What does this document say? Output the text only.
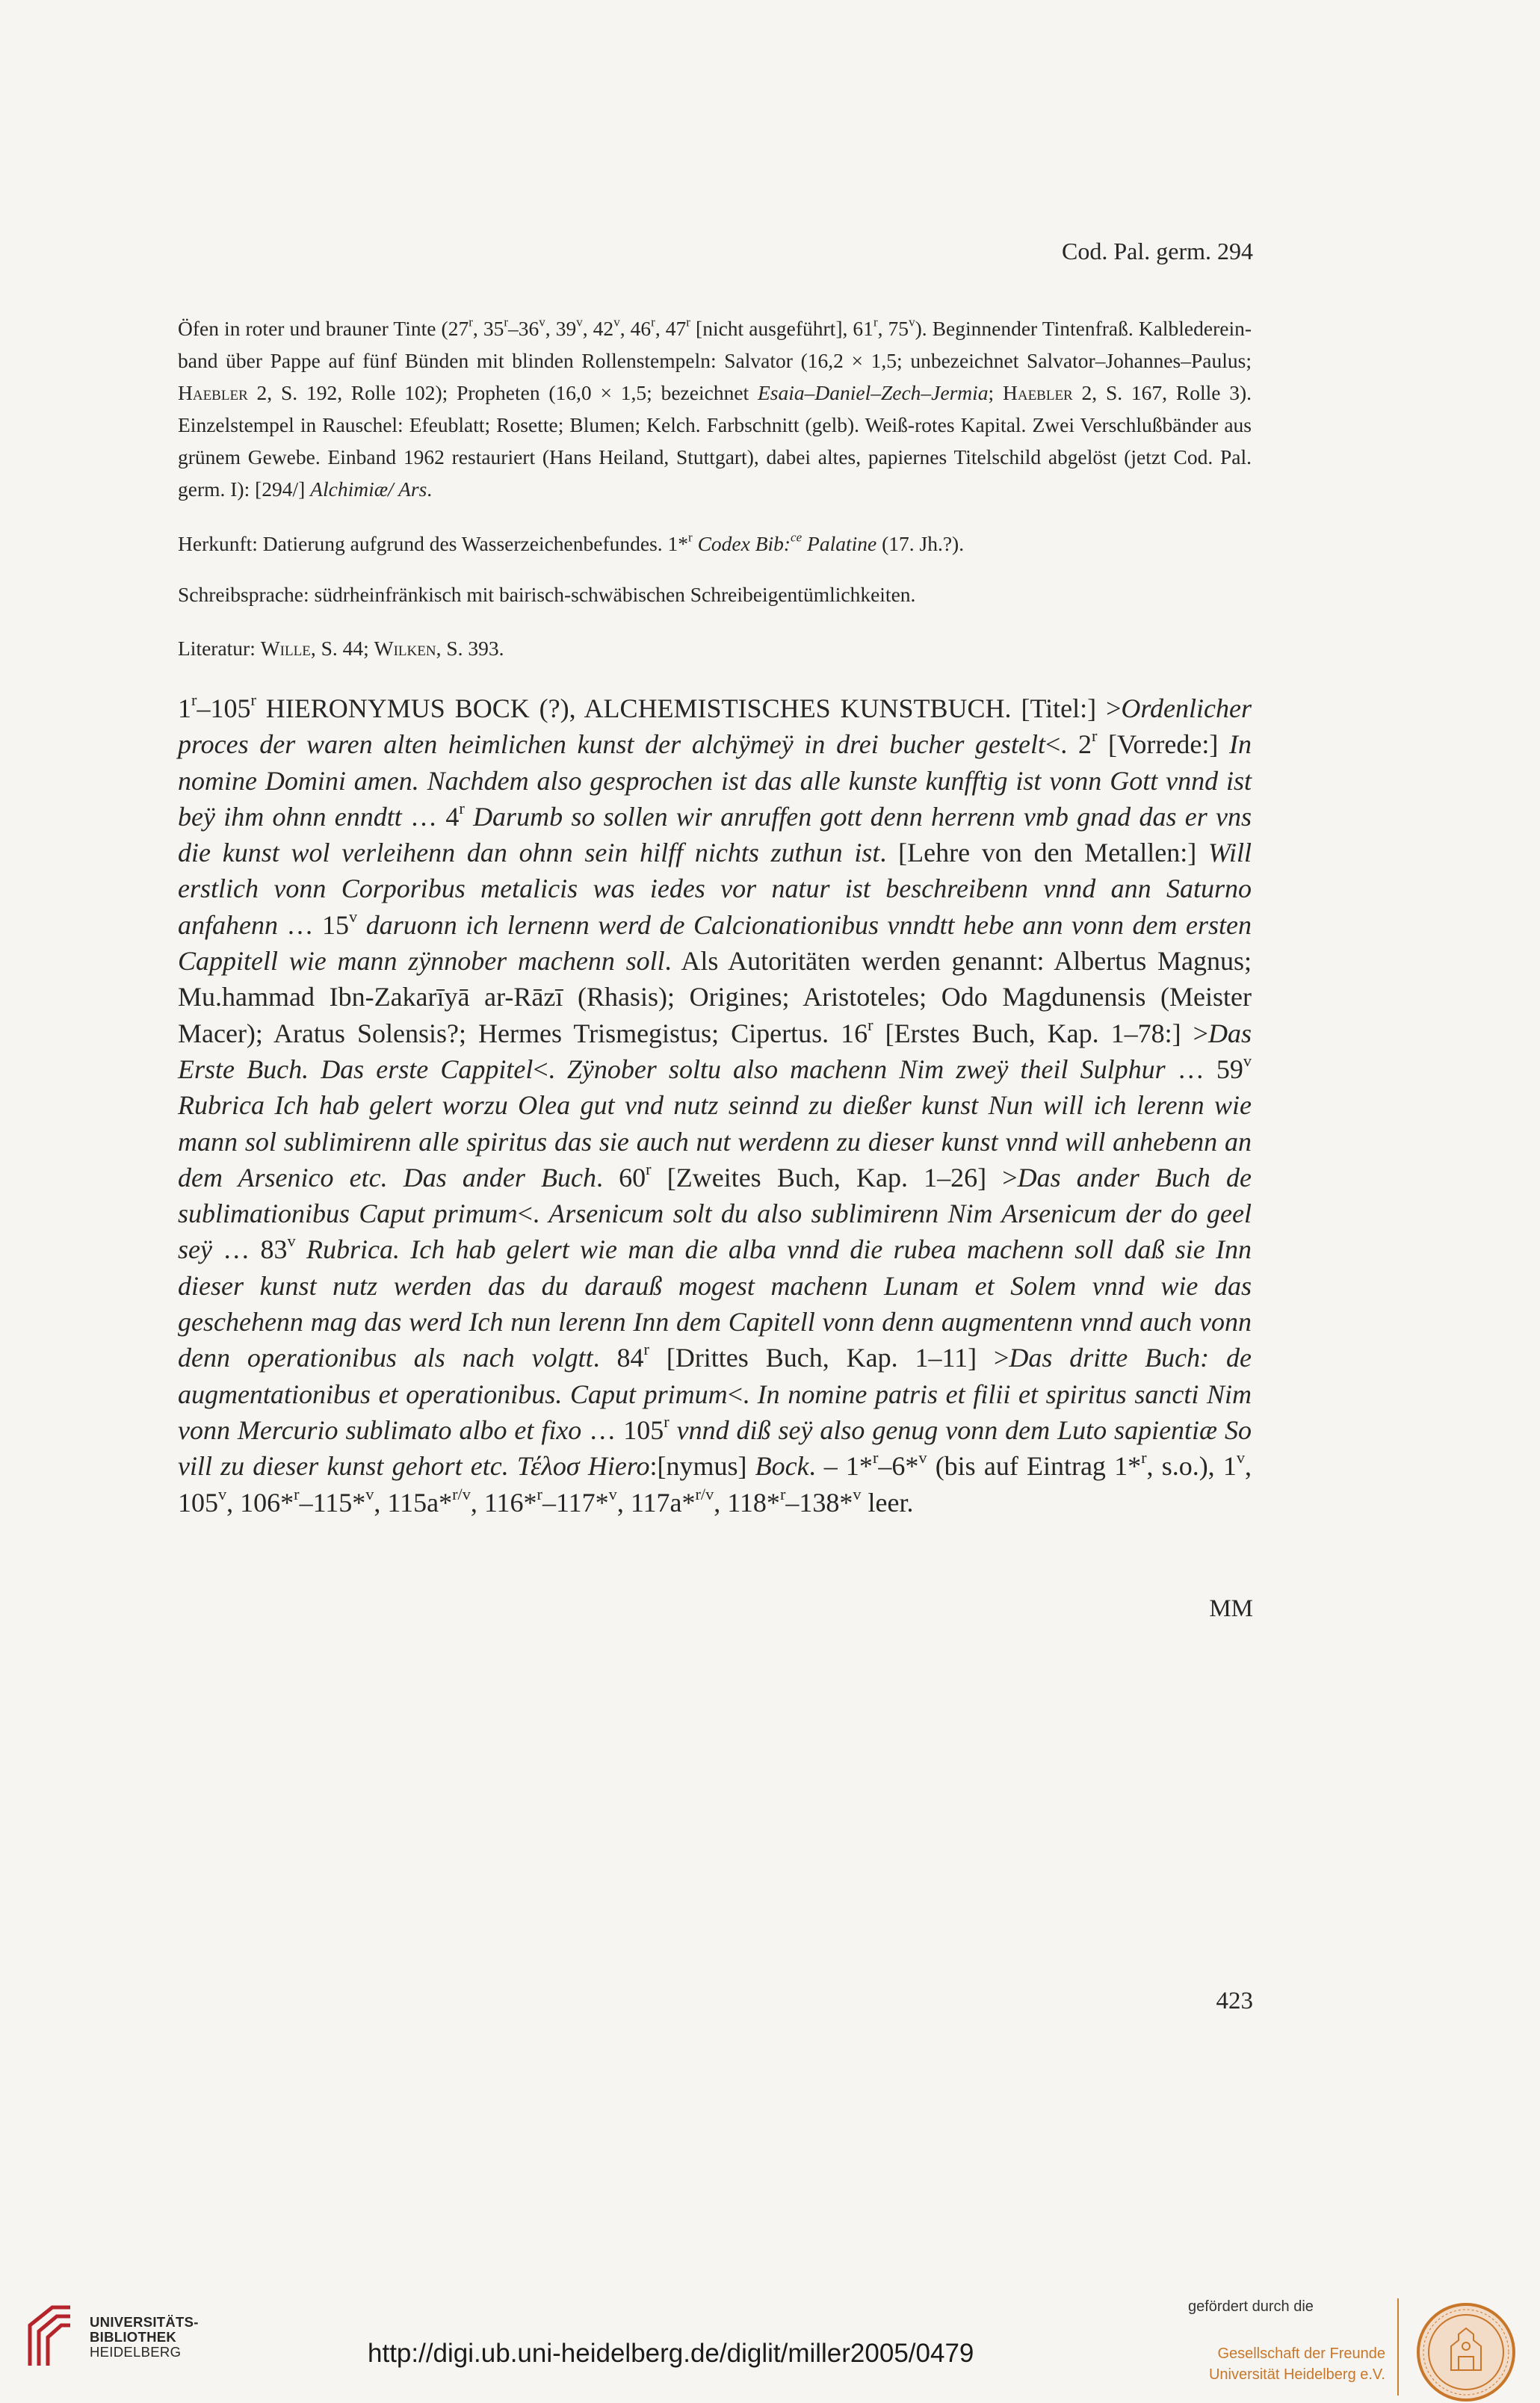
Cod. Pal. germ. 294
Öfen in roter und brauner Tinte (27$^r$, 35$^r$–36$^v$, 39$^v$, 42$^v$, 46$^r$, 47$^r$ [nicht ausgeführt], 61$^r$, 75$^v$). Beginnender Tintenfraß. Kalbledereinband über Pappe auf fünf Bünden mit blinden Rollenstempeln: Salvator (16,2 × 1,5; unbezeichnet Salvator–Johannes–Paulus; Haebler 2, S. 192, Rolle 102); Propheten (16,0 × 1,5; bezeichnet Esaia–Daniel–Zech–Jermia; Haebler 2, S. 167, Rolle 3). Einzelstempel in Rauschel: Efeublatt; Rosette; Blumen; Kelch. Farbschnitt (gelb). Weiß-rotes Kapital. Zwei Verschlußbänder aus grünem Gewebe. Einband 1962 restauriert (Hans Heiland, Stuttgart), dabei altes, papiernes Titelschild abgelöst (jetzt Cod. Pal. germ. I): [294/] Alchimiæ/ Ars.
Herkunft: Datierung aufgrund des Wasserzeichenbefundes. 1*$^r$ Codex Bib:$^{ce}$ Palatine (17. Jh.?).
Schreibsprache: südrheinfränkisch mit bairisch-schwäbischen Schreibeigentümlichkeiten.
Literatur: Wille, S. 44; Wilken, S. 393.
1$^r$–105$^r$ HIERONYMUS BOCK (?), ALCHEMISTISCHES KUNSTBUCH. [Titel:] >Ordenlicher proces der waren alten heimlichen kunst der alchÿmeÿ in drei bucher gestelt<. 2$^r$ [Vorrede:] In nomine Domini amen. Nachdem also gesprochen ist das alle kunste kunfftig ist vonn Gott vnnd ist beÿ ihm ohnn enndtt … 4$^r$ Darumb so sollen wir anruffen gott denn herrenn vmb gnad das er vns die kunst wol verleihenn dan ohnn sein hilff nichts zuthun ist. [Lehre von den Metallen:] Will erstlich vonn Corporibus metalicis was iedes vor natur ist beschreibenn vnnd ann Saturno anfahenn … 15$^v$ daruonn ich lernenn werd de Calcionationibus vnndtt hebe ann vonn dem ersten Cappitell wie mann zÿnnober machenn soll. Als Autoritäten werden genannt: Albertus Magnus; Mu.hammad Ibn-Zakarīyā ar-Rāzī (Rhasis); Origines; Aristoteles; Odo Magdunensis (Meister Macer); Aratus Solensis?; Hermes Trismegistus; Cipertus. 16$^r$ [Erstes Buch, Kap. 1–78:] >Das Erste Buch. Das erste Cappitel<. Zÿnober soltu also machenn Nim zweÿ theil Sulphur … 59$^v$ Rubrica Ich hab gelert worzu Olea gut vnd nutz seinnd zu dießer kunst Nun will ich lerenn wie mann sol sublimirenn alle spiritus das sie auch nut werdenn zu dieser kunst vnnd will anhebenn an dem Arsenico etc. Das ander Buch. 60$^r$ [Zweites Buch, Kap. 1–26] >Das ander Buch de sublimationibus Caput primum<. Arsenicum solt du also sublimirenn Nim Arsenicum der do geel seÿ … 83$^v$ Rubrica. Ich hab gelert wie man die alba vnnd die rubea machenn soll daß sie Inn dieser kunst nutz werden das du darauß mogest machenn Lunam et Solem vnnd wie das geschehenn mag das werd Ich nun lerenn Inn dem Capitell vonn denn augmentenn vnnd auch vonn denn operationibus als nach volgtt. 84$^r$ [Drittes Buch, Kap. 1–11] >Das dritte Buch: de augmentationibus et operationibus. Caput primum<. In nomine patris et filii et spiritus sancti Nim vonn Mercurio sublimato albo et fixo … 105$^r$ vnnd diß seÿ also genug vonn dem Luto sapientiæ So vill zu dieser kunst gehort etc. Τέλοσ Hiero:[nymus] Bock. – 1*$^r$–6*$^v$ (bis auf Eintrag 1*$^r$, s.o.), 1$^v$, 105$^v$, 106*$^r$–115*$^v$, 115a*$^{r/v}$, 116*$^r$–117*$^v$, 117a*$^{r/v}$, 118*$^r$–138*$^v$ leer.
MM
423
UNIVERSITÄTS-
BIBLIOTHEK
HEIDELBERG	http://digi.ub.uni-heidelberg.de/diglit/miller2005/0479
gefördert durch die
Gesellschaft der Freunde
Universität Heidelberg e.V.
